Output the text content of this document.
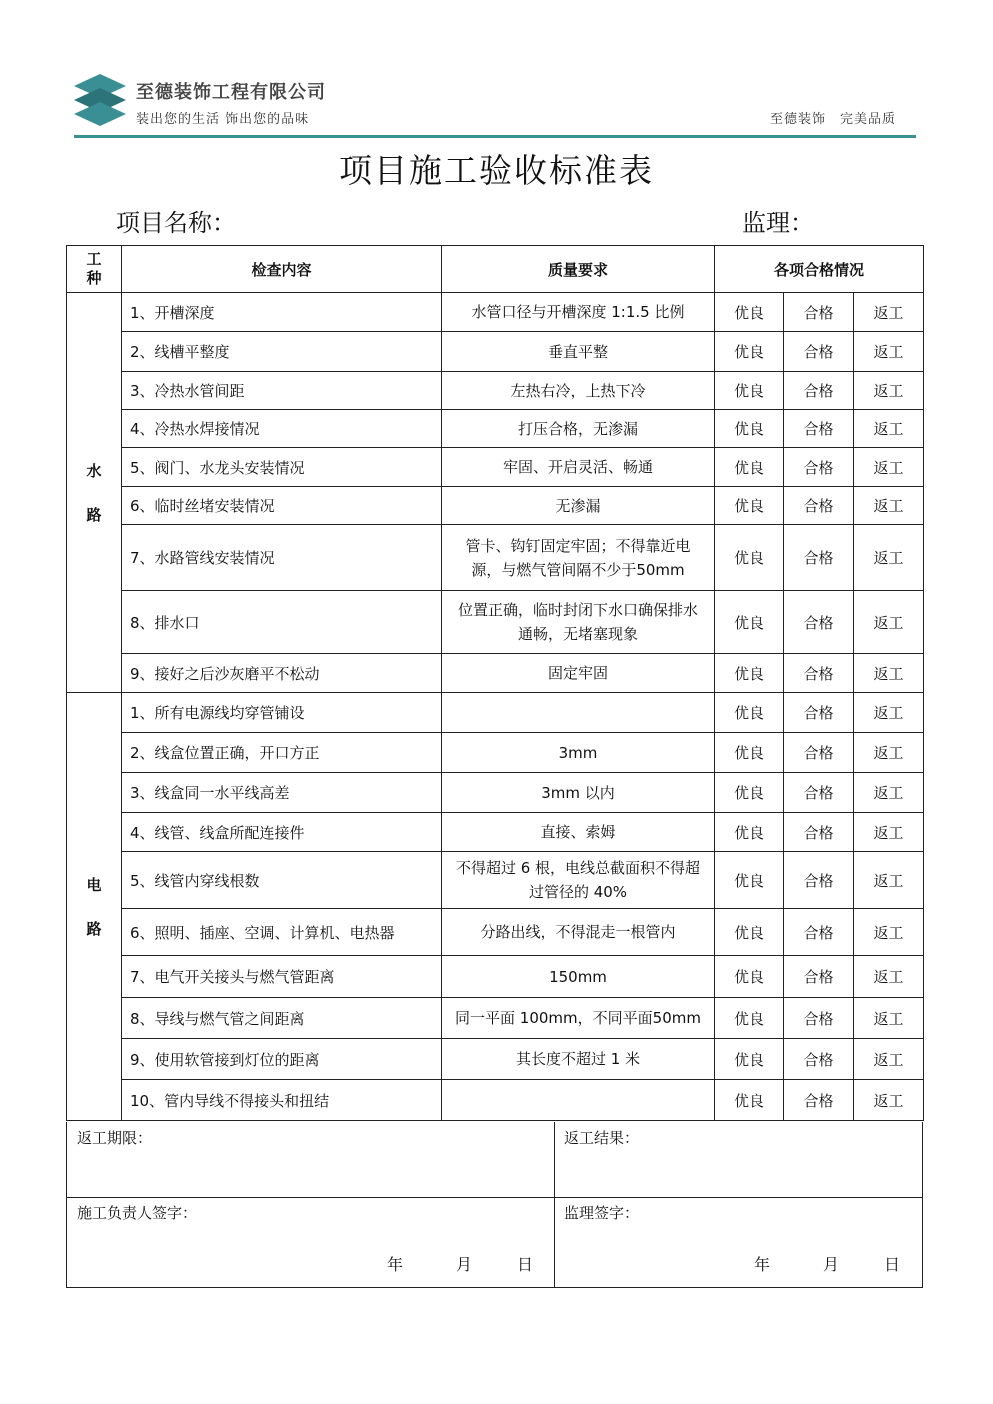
至德装饰工程有限公司
装出您的生活 饰出您的品味	至德装饰 完美品质
项目施工验收标准表
项目名称：	监理：
工种	检查内容	质量要求	各项合格情况		
水路	1、开槽深度	水管口径与开槽深度 1:1.5 比例	优良	合格	返工
	2、线槽平整度	垂直平整	优良	合格	返工
	3、冷热水管间距	左热右冷，上热下冷	优良	合格	返工
	4、冷热水焊接情况	打压合格，无渗漏	优良	合格	返工
	5、阀门、水龙头安装情况	牢固、开启灵活、畅通	优良	合格	返工
	6、临时丝堵安装情况	无渗漏	优良	合格	返工
	7、水路管线安装情况	管卡、钩钉固定牢固；不得靠近电源，与燃气管间隔不少于50mm	优良	合格	返工
	8、排水口	位置正确，临时封闭下水口确保排水通畅，无堵塞现象	优良	合格	返工
	9、接好之后沙灰磨平不松动	固定牢固	优良	合格	返工
电路	1、所有电源线均穿管铺设		优良	合格	返工
	2、线盒位置正确，开口方正	3mm	优良	合格	返工
	3、线盒同一水平线高差	3mm 以内	优良	合格	返工
	4、线管、线盒所配连接件	直接、索姆	优良	合格	返工
	5、线管内穿线根数	不得超过 6 根，电线总截面积不得超过管径的 40%	优良	合格	返工
	6、照明、插座、空调、计算机、电热器	分路出线，不得混走一根管内	优良	合格	返工
	7、电气开关接头与燃气管距离	150mm	优良	合格	返工
	8、导线与燃气管之间距离	同一平面 100mm，不同平面50mm	优良	合格	返工
	9、使用软管接到灯位的距离	其长度不超过 1 米	优良	合格	返工
	10、管内导线不得接头和扭结		优良	合格	返工
返工期限：	返工结果：
施工负责人签字：	监理签字：
年	月	日	年	月	日
